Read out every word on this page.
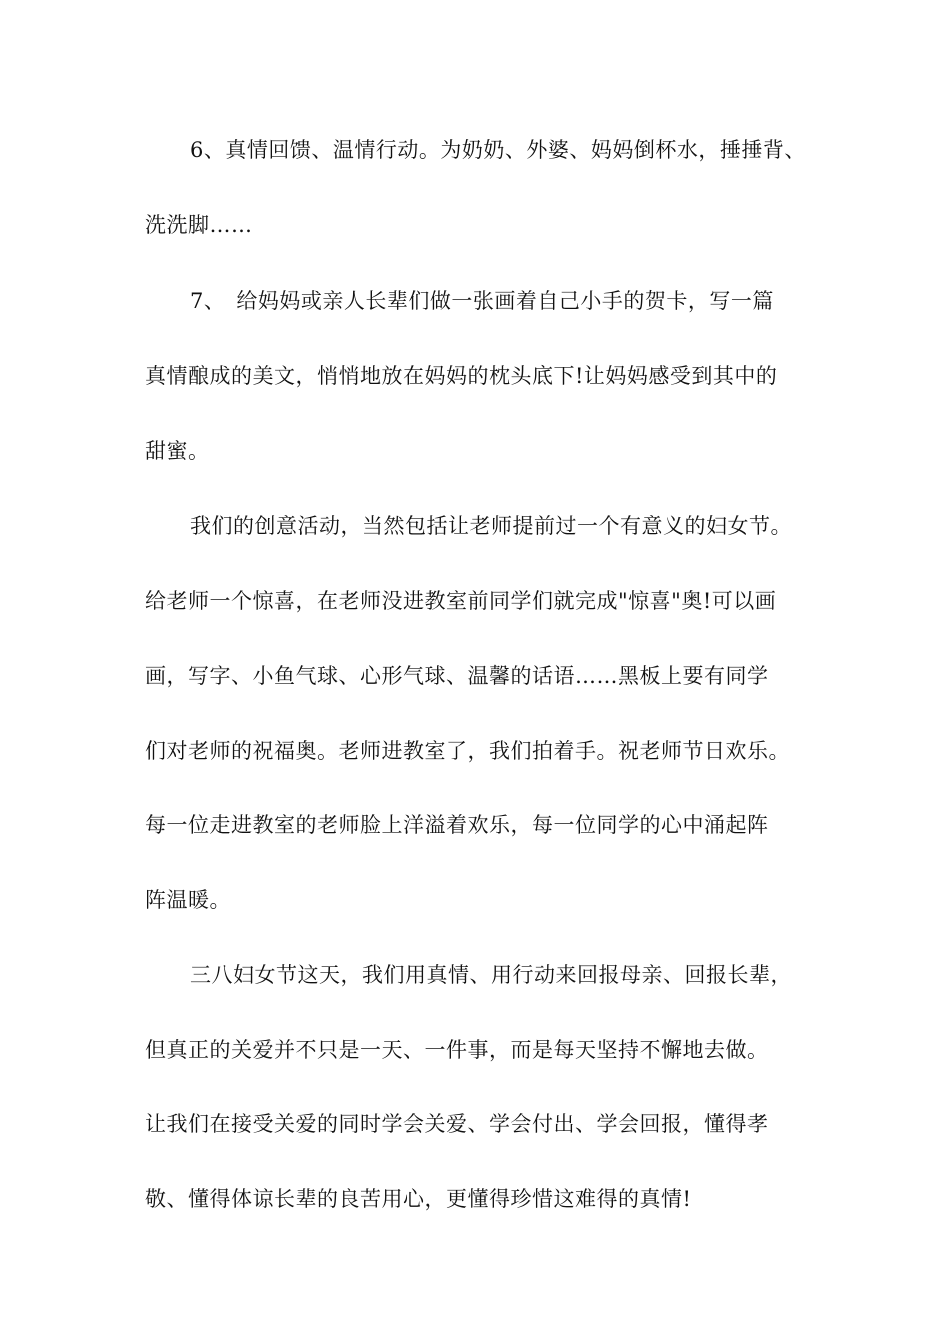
6、真情回馈、温情行动。为奶奶、外婆、妈妈倒杯水，捶捶背、
洗洗脚……
7、　给妈妈或亲人长辈们做一张画着自己小手的贺卡，写一篇
真情酿成的美文，悄悄地放在妈妈的枕头底下!让妈妈感受到其中的
甜蜜。
我们的创意活动，当然包括让老师提前过一个有意义的妇女节。
给老师一个惊喜，在老师没进教室前同学们就完成"惊喜"奥!可以画
画，写字、小鱼气球、心形气球、温馨的话语……黑板上要有同学
们对老师的祝福奥。老师进教室了，我们拍着手。祝老师节日欢乐。
每一位走进教室的老师脸上洋溢着欢乐，每一位同学的心中涌起阵
阵温暖。
三八妇女节这天，我们用真情、用行动来回报母亲、回报长辈，
但真正的关爱并不只是一天、一件事，而是每天坚持不懈地去做。
让我们在接受关爱的同时学会关爱、学会付出、学会回报，懂得孝
敬、懂得体谅长辈的良苦用心，更懂得珍惜这难得的真情!
